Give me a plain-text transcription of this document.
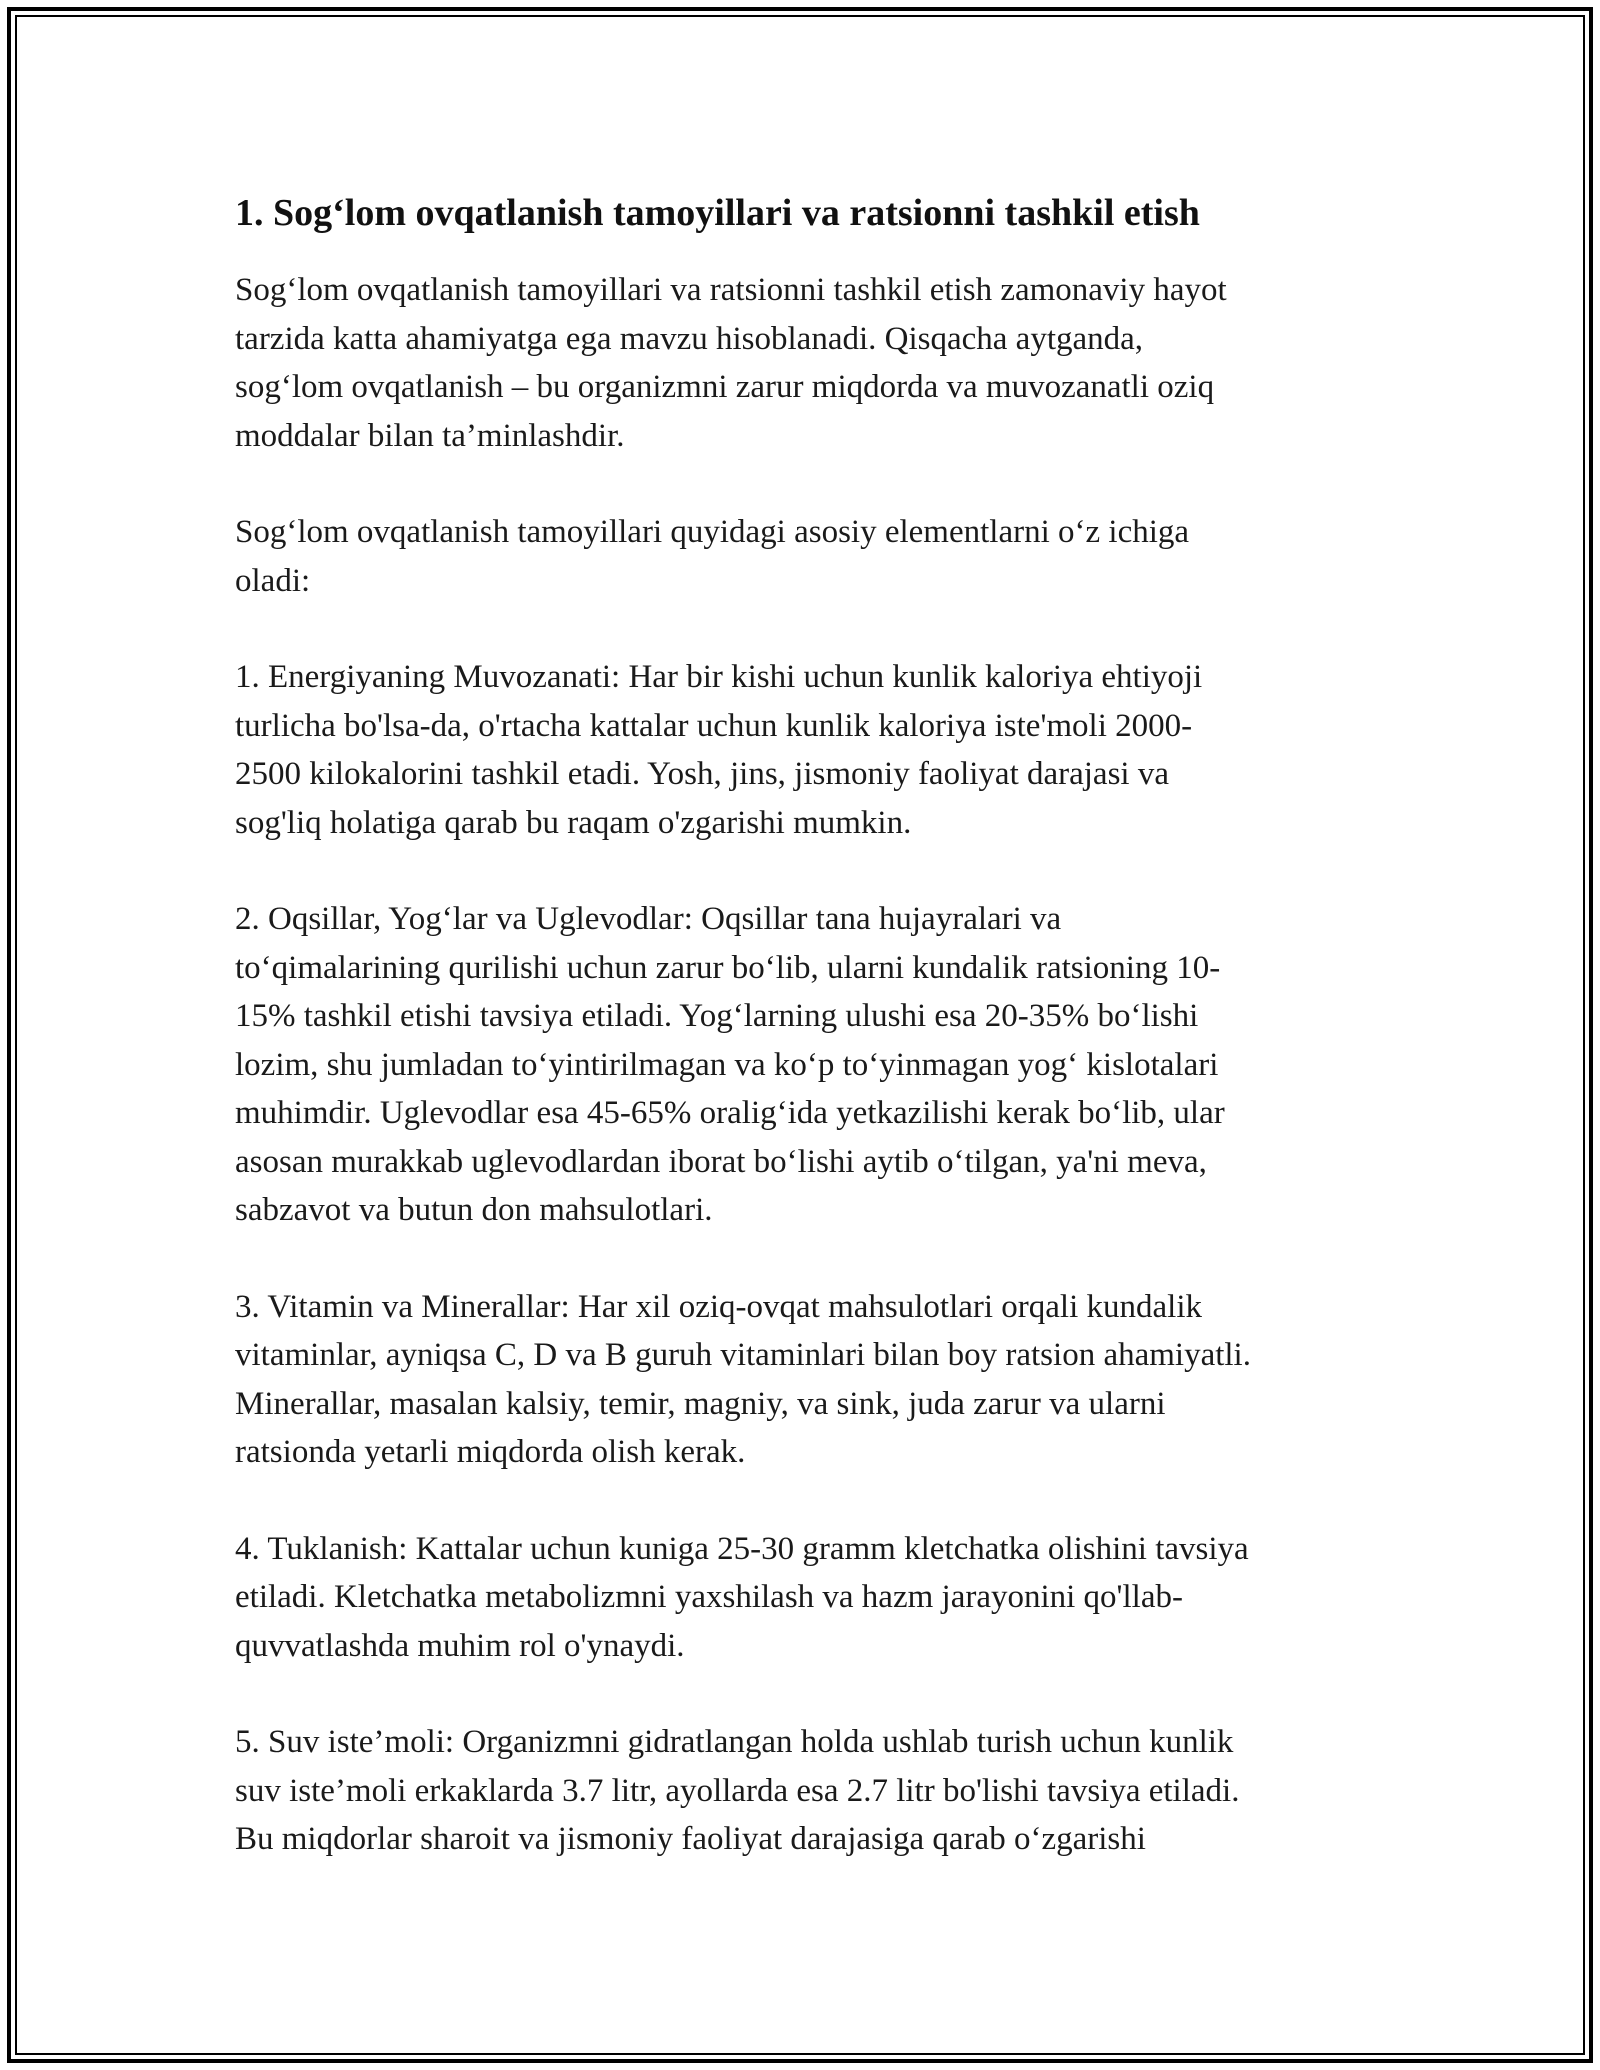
1. Sog‘lom ovqatlanish tamoyillari va ratsionni tashkil etish

Sog‘lom ovqatlanish tamoyillari va ratsionni tashkil etish zamonaviy hayot
tarzida katta ahamiyatga ega mavzu hisoblanadi. Qisqacha aytganda,
sog‘lom ovqatlanish – bu organizmni zarur miqdorda va muvozanatli oziq
moddalar bilan ta’minlashdir.

Sog‘lom ovqatlanish tamoyillari quyidagi asosiy elementlarni o‘z ichiga
oladi:

1. Energiyaning Muvozanati: Har bir kishi uchun kunlik kaloriya ehtiyoji
turlicha bo'lsa-da, o'rtacha kattalar uchun kunlik kaloriya iste'moli 2000-
2500 kilokalorini tashkil etadi. Yosh, jins, jismoniy faoliyat darajasi va
sog'liq holatiga qarab bu raqam o'zgarishi mumkin.

2. Oqsillar, Yog‘lar va Uglevodlar: Oqsillar tana hujayralari va
to‘qimalarining qurilishi uchun zarur bo‘lib, ularni kundalik ratsioning 10-
15% tashkil etishi tavsiya etiladi. Yog‘larning ulushi esa 20-35% bo‘lishi
lozim, shu jumladan to‘yintirilmagan va ko‘p to‘yinmagan yog‘ kislotalari
muhimdir. Uglevodlar esa 45-65% oralig‘ida yetkazilishi kerak bo‘lib, ular
asosan murakkab uglevodlardan iborat bo‘lishi aytib o‘tilgan, ya'ni meva,
sabzavot va butun don mahsulotlari.

3. Vitamin va Minerallar: Har xil oziq-ovqat mahsulotlari orqali kundalik
vitaminlar, ayniqsa C, D va B guruh vitaminlari bilan boy ratsion ahamiyatli.
Minerallar, masalan kalsiy, temir, magniy, va sink, juda zarur va ularni
ratsionda yetarli miqdorda olish kerak.

4. Tuklanish: Kattalar uchun kuniga 25-30 gramm kletchatka olishini tavsiya
etiladi. Kletchatka metabolizmni yaxshilash va hazm jarayonini qo'llab-
quvvatlashda muhim rol o'ynaydi.

5. Suv iste’moli: Organizmni gidratlangan holda ushlab turish uchun kunlik
suv iste’moli erkaklarda 3.7 litr, ayollarda esa 2.7 litr bo'lishi tavsiya etiladi.
Bu miqdorlar sharoit va jismoniy faoliyat darajasiga qarab o‘zgarishi
